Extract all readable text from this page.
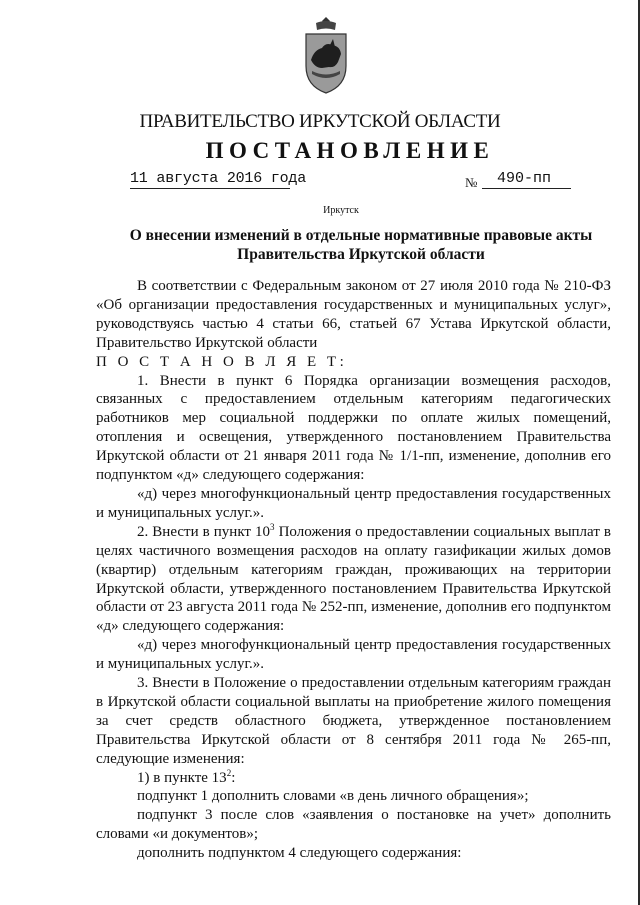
ПРАВИТЕЛЬСТВО ИРКУТСКОЙ ОБЛАСТИ
ПОСТАНОВЛЕНИЕ
11 августа 2016 года	№ 490-пп
Иркутск
О внесении изменений в отдельные нормативные правовые акты
Правительства Иркутской области

В соответствии с Федеральным законом от 27 июля 2010 года № 210-ФЗ «Об организации предоставления государственных и муниципальных услуг», руководствуясь частью 4 статьи 66, статьей 67 Устава Иркутской области, Правительство Иркутской области

П О С Т А Н О В Л Я Е Т:

1. Внести в пункт 6 Порядка организации возмещения расходов, связанных с предоставлением отдельным категориям педагогических работников мер социальной поддержки по оплате жилых помещений, отопления и освещения, утвержденного постановлением Правительства Иркутской области от 21 января 2011 года № 1/1-пп, изменение, дополнив его подпунктом «д» следующего содержания:

«д) через многофункциональный центр предоставления государственных и муниципальных услуг.».

2. Внести в пункт $10^3$ Положения о предоставлении социальных выплат в целях частичного возмещения расходов на оплату газификации жилых домов (квартир) отдельным категориям граждан, проживающих на территории Иркутской области, утвержденного постановлением Правительства Иркутской области от 23 августа 2011 года № 252-пп, изменение, дополнив его подпунктом «д» следующего содержания:

«д) через многофункциональный центр предоставления государственных и муниципальных услуг.».

3. Внести в Положение о предоставлении отдельным категориям граждан в Иркутской области социальной выплаты на приобретение жилого помещения за счет средств областного бюджета, утвержденное постановлением Правительства Иркутской области от 8 сентября 2011 года № 265-пп, следующие изменения:

1) в пункте $13^2$:

подпункт 1 дополнить словами «в день личного обращения»;

подпункт 3 после слов «заявления о постановке на учет» дополнить словами «и документов»;

дополнить подпунктом 4 следующего содержания:
